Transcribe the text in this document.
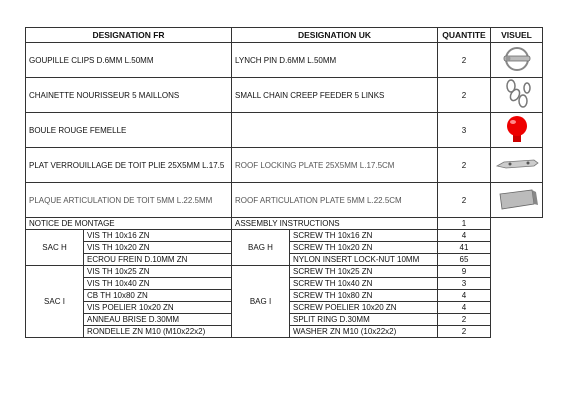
DESIGNATION FR		DESIGNATION UK		QUANTITE	VISUEL
GOUPILLE CLIPS D.6MM L.50MM		LYNCH PIN D.6MM L.50MM		2	
CHAINETTE NOURISSEUR 5 MAILLONS		SMALL CHAIN CREEP FEEDER 5 LINKS		2	
BOULE ROUGE FEMELLE				3	
PLAT VERROUILLAGE DE TOIT PLIE 25X5MM L.17.5		ROOF LOCKING PLATE 25X5MM L.17.5CM		2	
PLAQUE ARTICULATION DE TOIT 5MM L.22.5MM		ROOF ARTICULATION PLATE 5MM L.22.5CM		2	
NOTICE DE MONTAGE		ASSEMBLY INSTRUCTIONS		1	
SAC H	VIS TH 10x16 ZN	BAG H	SCREW TH 10x16 ZN	4	
	VIS TH 10x20 ZN		SCREW TH 10x20 ZN	41	
	ECROU FREIN D.10MM ZN		NYLON INSERT LOCK-NUT 10MM	65	
SAC I	VIS TH 10x25 ZN	BAG I	SCREW TH 10x25 ZN	9	
	VIS TH 10x40 ZN		SCREW TH 10x40 ZN	3	
	CB TH 10x80 ZN		SCREW TH 10x80 ZN	4	
	VIS POELIER 10x20 ZN		SCREW POELIER 10x20 ZN	4	
	ANNEAU BRISE D.30MM		SPLIT RING D.30MM	2	
	RONDELLE ZN M10 (M10x22x2)		WASHER ZN M10 (10x22x2)	2	
